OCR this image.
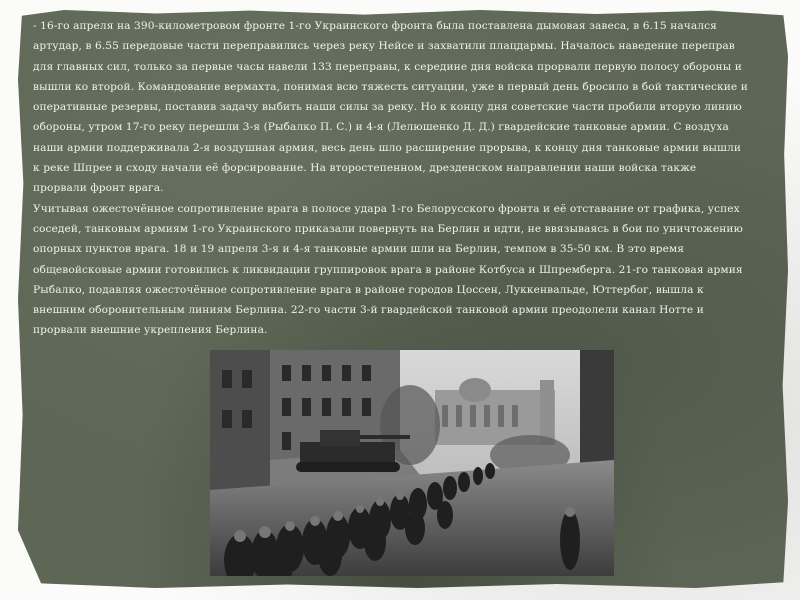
- 16-го апреля на 390-километровом фронте 1-го Украинского фронта была поставлена дымовая завеса, в 6.15 начался артудар, в 6.55 передовые части переправились через реку Нейсе и захватили плацдармы. Началось наведение переправ для главных сил, только за первые часы навели 133 переправы, к середине дня войска прорвали первую полосу обороны и вышли ко второй. Командование вермахта, понимая всю тяжесть ситуации, уже в первый день бросило в бой тактические и оперативные резервы, поставив задачу выбить наши силы за реку. Но к концу дня советские части пробили вторую линию обороны, утром 17-го реку перешли 3-я (Рыбалко П. С.) и 4-я (Лелюшенко Д. Д.) гвардейские танковые армии. С воздуха наши армии поддерживала 2-я воздушная армия, весь день шло расширение прорыва, к концу дня танковые армии вышли к реке Шпрее и сходу начали её форсирование. На второстепенном, дрезденском направлении наши войска также прорвали фронт врага.

Учитывая ожесточённое сопротивление врага в полосе удара 1-го Белорусского фронта и её отставание от графика, успех соседей, танковым армиям 1-го Украинского приказали повернуть на Берлин и идти, не ввязываясь в бои по уничтожению опорных пунктов врага. 18 и 19 апреля 3-я и 4-я танковые армии шли на Берлин, темпом в 35-50 км. В это время общевойсковые армии готовились к ликвидации группировок врага в районе Котбуса и Шпремберга. 21-го танковая армия Рыбалко, подавляя ожесточённое сопротивление врага в районе городов Цоссен, Луккенвальде, Юттербог, вышла к внешним оборонительным линиям Берлина. 22-го части 3-й гвардейской танковой армии преодолели канал Нотте и прорвали внешние укрепления Берлина.
